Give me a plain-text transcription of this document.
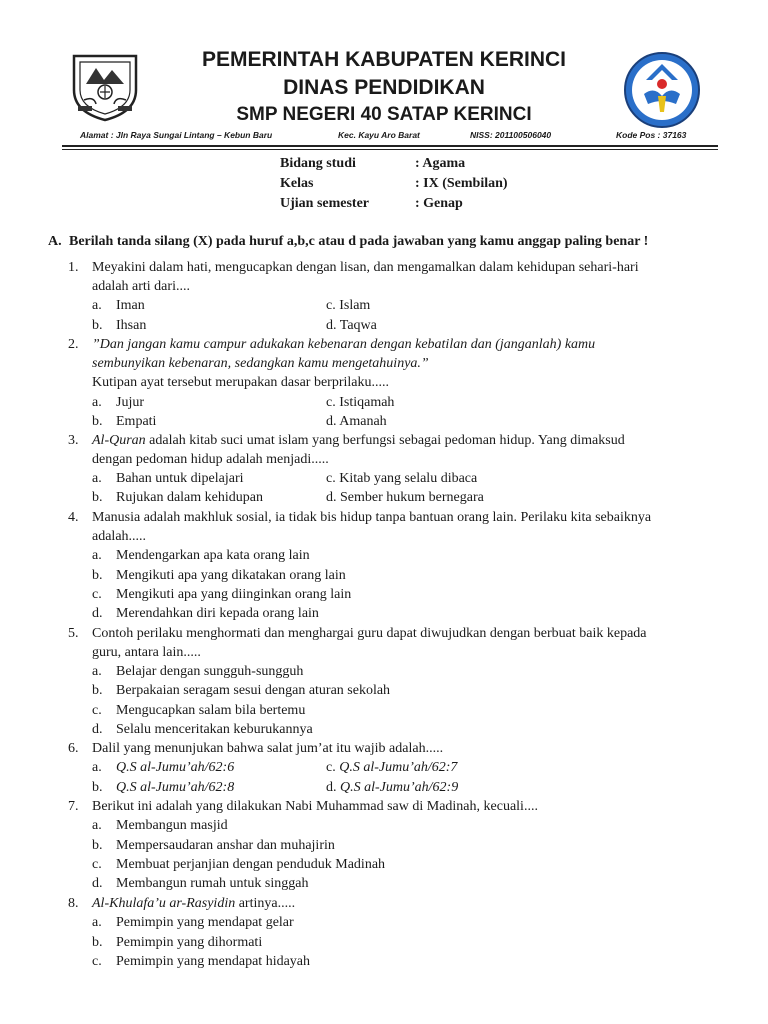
PEMERINTAH KABUPATEN KERINCI
DINAS PENDIDIKAN
SMP NEGERI 40 SATAP KERINCI
Alamat : Jln Raya Sungai Lintang – Kebun Baru	Kec. Kayu Aro Barat	NISS: 201100506040	Kode Pos : 37163
Bidang studi	: Agama
Kelas	: IX (Sembilan)
Ujian semester	: Genap
A. Berilah tanda silang (X) pada huruf a,b,c atau d pada jawaban yang kamu anggap paling benar !
1. Meyakini dalam hati, mengucapkan dengan lisan, dan mengamalkan dalam kehidupan sehari-hari
adalah arti dari....
a. Iman	c. Islam
b. Ihsan	d. Taqwa
2. ”Dan jangan kamu campur adukakan kebenaran dengan kebatilan dan (janganlah) kamu
sembunyikan kebenaran, sedangkan kamu mengetahuinya.”
Kutipan ayat tersebut merupakan dasar berprilaku.....
a. Jujur	c. Istiqamah
b. Empati	d. Amanah
3. Al-Quran adalah kitab suci umat islam yang berfungsi sebagai pedoman hidup. Yang dimaksud
dengan pedoman hidup adalah menjadi.....
a. Bahan untuk dipelajari	c. Kitab yang selalu dibaca
b. Rujukan dalam kehidupan	d. Sember hukum bernegara
4. Manusia adalah makhluk sosial, ia tidak bis hidup tanpa bantuan orang lain. Perilaku kita sebaiknya
adalah.....
a. Mendengarkan apa kata orang lain
b. Mengikuti apa yang dikatakan orang lain
c. Mengikuti apa yang diinginkan orang lain
d. Merendahkan diri kepada orang lain
5. Contoh perilaku menghormati dan menghargai guru dapat diwujudkan dengan berbuat baik kepada
guru, antara lain.....
a. Belajar dengan sungguh-sungguh
b. Berpakaian seragam sesui dengan aturan sekolah
c. Mengucapkan salam bila bertemu
d. Selalu menceritakan keburukannya
6. Dalil yang menunjukan bahwa salat jum’at itu wajib adalah.....
a. Q.S al-Jumu’ah/62:6	c. Q.S al-Jumu’ah/62:7
b. Q.S al-Jumu’ah/62:8	d. Q.S al-Jumu’ah/62:9
7. Berikut ini adalah yang dilakukan Nabi Muhammad saw di Madinah, kecuali....
a. Membangun masjid
b. Mempersaudaran anshar dan muhajirin
c. Membuat perjanjian dengan penduduk Madinah
d. Membangun rumah untuk singgah
8. Al-Khulafa’u ar-Rasyidin artinya.....
a. Pemimpin yang mendapat gelar
b. Pemimpin yang dihormati
c. Pemimpin yang mendapat hidayah
